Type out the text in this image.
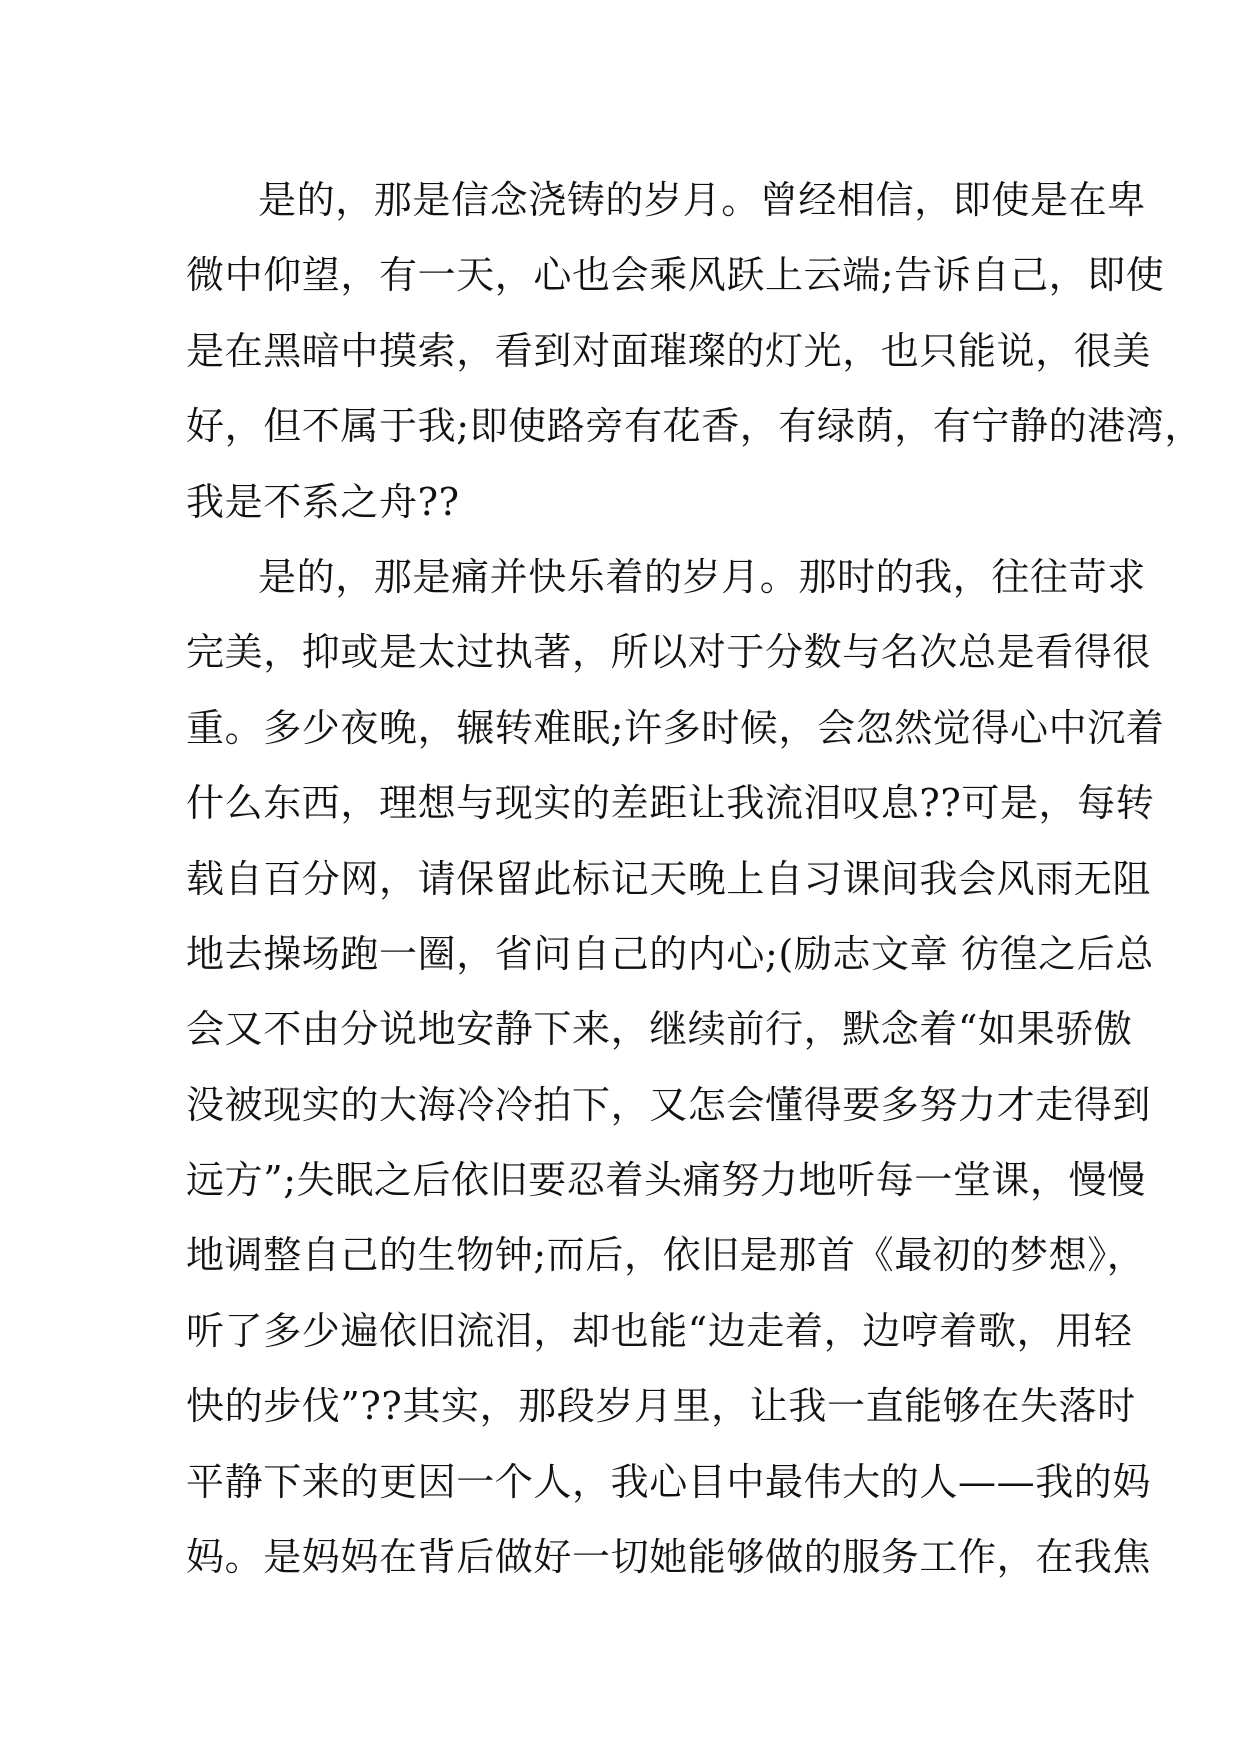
是的，那是信念浇铸的岁月。曾经相信，即使是在卑
微中仰望，有一天，心也会乘风跃上云端;告诉自己，即使
是在黑暗中摸索，看到对面璀璨的灯光，也只能说，很美
好，但不属于我;即使路旁有花香，有绿荫，有宁静的港湾，
我是不系之舟??
是的，那是痛并快乐着的岁月。那时的我，往往苛求
完美，抑或是太过执著，所以对于分数与名次总是看得很
重。多少夜晚，辗转难眠;许多时候，会忽然觉得心中沉着
什么东西，理想与现实的差距让我流泪叹息??可是，每转
载自百分网，请保留此标记天晚上自习课间我会风雨无阻
地去操场跑一圈，省问自己的内心;(励志文章 彷徨之后总
会又不由分说地安静下来，继续前行，默念着“如果骄傲
没被现实的大海冷冷拍下，又怎会懂得要多努力才走得到
远方”;失眠之后依旧要忍着头痛努力地听每一堂课，慢慢
地调整自己的生物钟;而后，依旧是那首《最初的梦想》，
听了多少遍依旧流泪，却也能“边走着，边哼着歌，用轻
快的步伐”??其实，那段岁月里，让我一直能够在失落时
平静下来的更因一个人，我心目中最伟大的人——我的妈
妈。是妈妈在背后做好一切她能够做的服务工作，在我焦
